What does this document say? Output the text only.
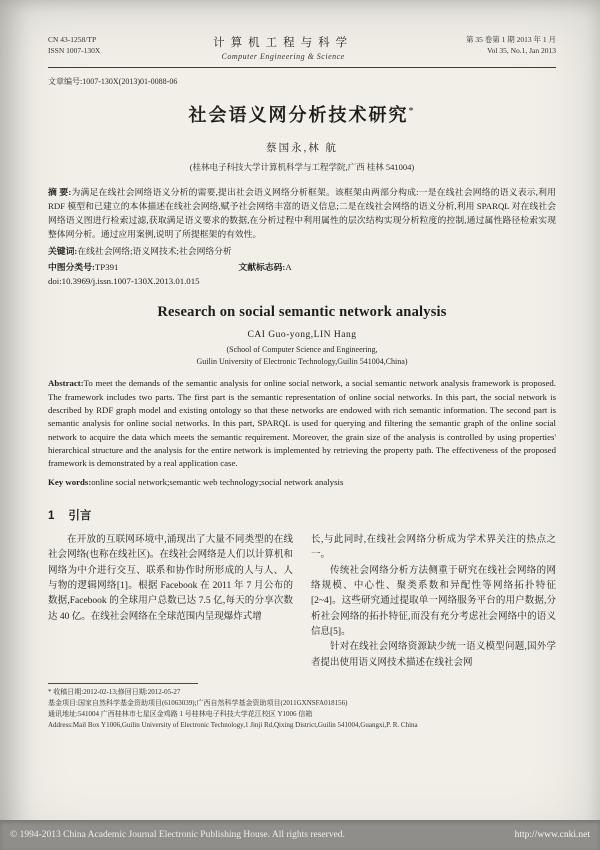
CN 43-1258/TP
ISSN 1007-130X
计算机工程与科学
Computer Engineering & Science
第 35 卷第 1 期 2013 年 1 月
Vol 35, No.1, Jan 2013
文章编号:1007-130X(2013)01-0088-06
社会语义网分析技术研究*
蔡国永,林 航
(桂林电子科技大学计算机科学与工程学院,广西 桂林 541004)

摘 要:为满足在线社会网络语义分析的需要,提出社会语义网络分析框架。该框架由两部分构成:一是在线社会网络的语义表示,利用 RDF 模型和已建立的本体描述在线社会网络,赋予社会网络丰富的语义信息;二是在线社会网络的语义分析,利用 SPARQL 对在线社会网络语义图进行检索过滤,获取满足语义要求的数据,在分析过程中利用属性的层次结构实现分析粒度的控制,通过属性路径检索实现整体网分析。通过应用案例,说明了所提框架的有效性。

关键词:在线社会网络;语义网技术;社会网络分析
中图分类号:TP391	文献标志码:A
doi:10.3969/j.issn.1007-130X.2013.01.015
Research on social semantic network analysis
CAI Guo-yong,LIN Hang
(School of Computer Science and Engineering,
Guilin University of Electronic Technology,Guilin 541004,China)

Abstract:To meet the demands of the semantic analysis for online social network, a social semantic network analysis framework is proposed. The framework includes two parts. The first part is the semantic representation of online social networks. In this part, the social network is described by RDF graph model and existing ontology so that these networks are endowed with rich semantic information. The second part is semantic analysis for online social networks. In this part, SPARQL is used for querying and filtering the semantic graph of the online social network to acquire the data which meets the semantic requirement. Moreover, the grain size of the analysis is controlled by using properties' hierarchical structure and the analysis for the entire network is implemented by retrieving the property path. The effectiveness of the proposed framework is demonstrated by a real application case.

Key words:online social network;semantic web technology;social network analysis
1 引言

在开放的互联网环境中,涌现出了大量不同类型的在线社会网络(也称在线社区)。在线社会网络是人们以计算机和网络为中介进行交互、联系和协作时所形成的人与人、人与物的逻辑网络[1]。根据 Facebook 在 2011 年 7 月公布的数据,Facebook 的全球用户总数已达 7.5 亿,每天的分享次数达 40 亿。在线社会网络在全球范围内呈现爆炸式增

长,与此同时,在线社会网络分析成为学术界关注的热点之一。

传统社会网络分析方法侧重于研究在线社会网络的网络规模、中心性、聚类系数和异配性等网络拓扑特征[2~4]。这些研究通过提取单一网络服务平台的用户数据,分析社会网络的拓扑特征,而没有充分考虑社会网络中的语义信息[5]。

针对在线社会网络资源缺少统一语义模型问题,国外学者提出使用语义网技术描述在线社会网

* 收稿日期:2012-02-13;修回日期:2012-05-27
基金项目:国家自然科学基金资助项目(61063039);广西自然科学基金资助项目(2011GXNSFA018156)
通讯地址:541004 广西桂林市七星区金鸡路 1 号桂林电子科技大学花江校区 Y1006 信箱
Address:Mail Box Y1006,Guilin University of Electronic Technology,1 Jinji Rd,Qixing District,Guilin 541004,Guangxi,P. R. China
© 1994-2013 China Academic Journal Electronic Publishing House. All rights reserved.	http://www.cnki.net
